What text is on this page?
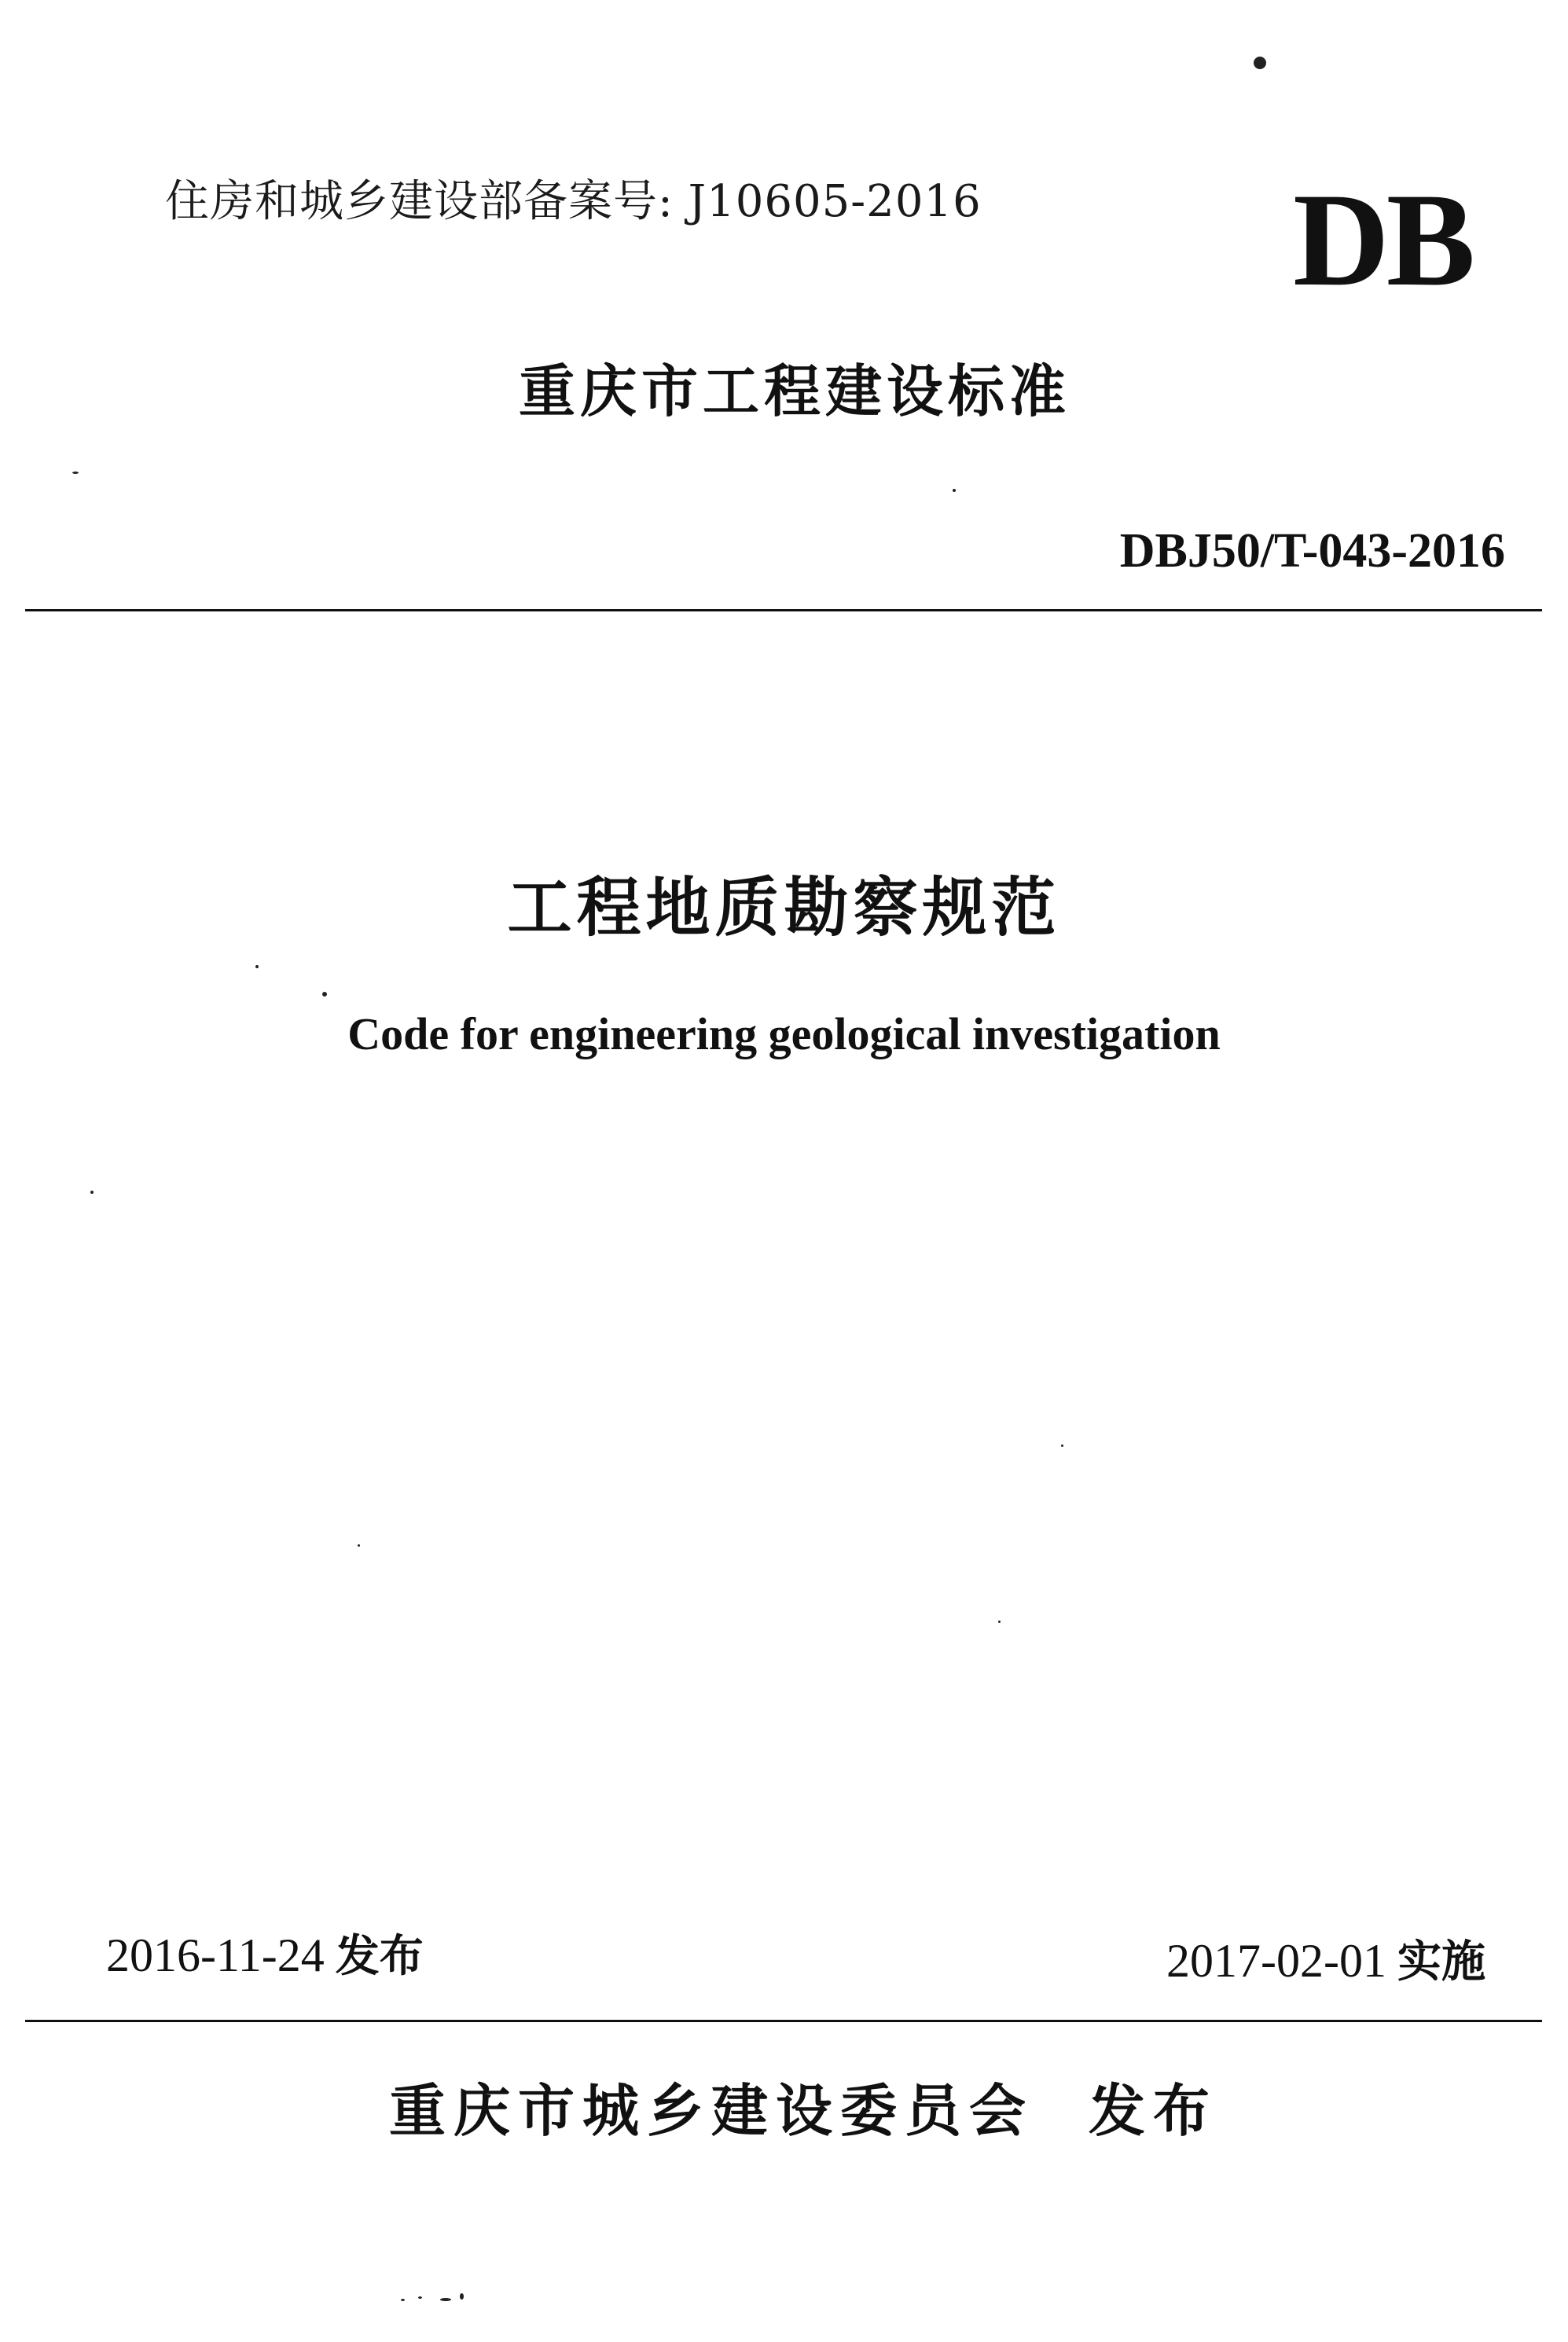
住房和城乡建设部备案号: J10605-2016 DB

重庆市工程建设标准

DBJ50/T-043-2016

工程地质勘察规范
Code for engineering geological investigation

2016-11-24 发布	2017-02-01 实施

重庆市城乡建设委员会 发布
